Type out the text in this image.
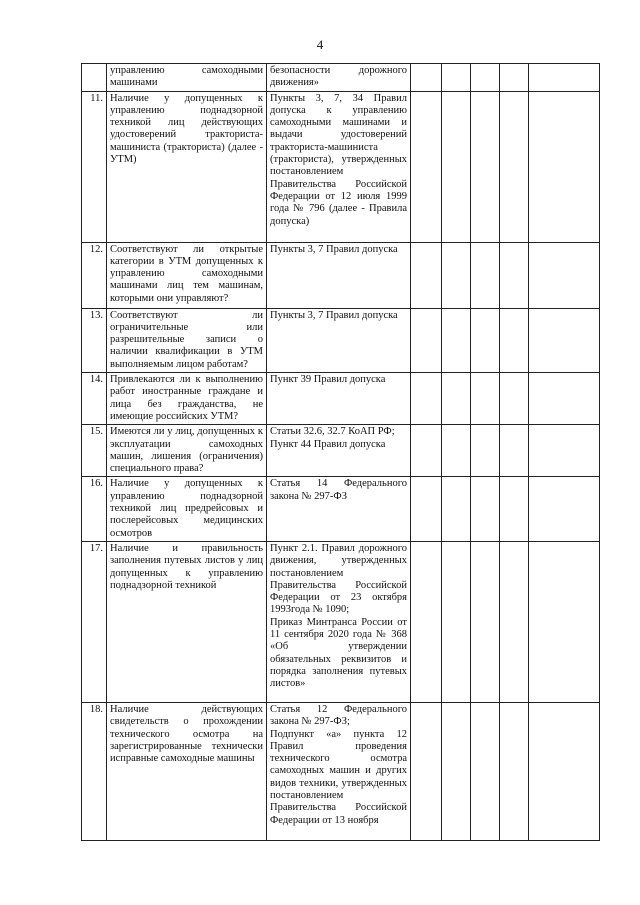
4

	управлению самоходными машинами	безопасности дорожного движения»					

11.	Наличие у допущенных к управлению поднадзорной техникой лиц действующих удостоверений тракториста-машиниста (тракториста) (далее - УТМ)	Пункты 3, 7, 34 Правил допуска к управлению самоходными машинами и выдачи удостоверений тракториста-машиниста (тракториста), утвержденных постановлением Правительства Российской Федерации от 12 июля 1999 года № 796 (далее - Правила допуска)					

12.	Соответствуют ли открытые категории в УТМ допущенных к управлению самоходными машинами лиц тем машинам, которыми они управляют?	Пункты 3, 7 Правил допуска					

13.	Соответствуют ли ограничительные или разрешительные записи о наличии квалификации в УТМ выполняемым лицом работам?	Пункты 3, 7 Правил допуска					

14.	Привлекаются ли к выполнению работ иностранные граждане и лица без гражданства, не имеющие российских УТМ?	Пункт 39 Правил допуска					

15.	Имеются ли у лиц, допущенных к эксплуатации самоходных машин, лишения (ограничения) специального права?	Статьи 32.6, 32.7 КоАП РФ;
Пункт 44 Правил допуска					

16.	Наличие у допущенных к управлению поднадзорной техникой лиц предрейсовых и послерейсовых медицинских осмотров	Статья 14 Федерального закона № 297-ФЗ					

17.	Наличие и правильность заполнения путевых листов у лиц допущенных к управлению поднадзорной техникой	Пункт 2.1. Правил дорожного движения, утвержденных постановлением Правительства Российской Федерации от 23 октября 1993года № 1090;
Приказ Минтранса России от 11 сентября 2020 года № 368 «Об утверждении обязательных реквизитов и порядка заполнения путевых листов»					

18.	Наличие действующих свидетельств о прохождении технического осмотра на зарегистрированные технически исправные самоходные машины	Статья 12 Федерального закона № 297-ФЗ;
Подпункт «а» пункта 12 Правил проведения технического осмотра самоходных машин и других видов техники, утвержденных постановлением Правительства Российской Федерации от 13 ноября					
